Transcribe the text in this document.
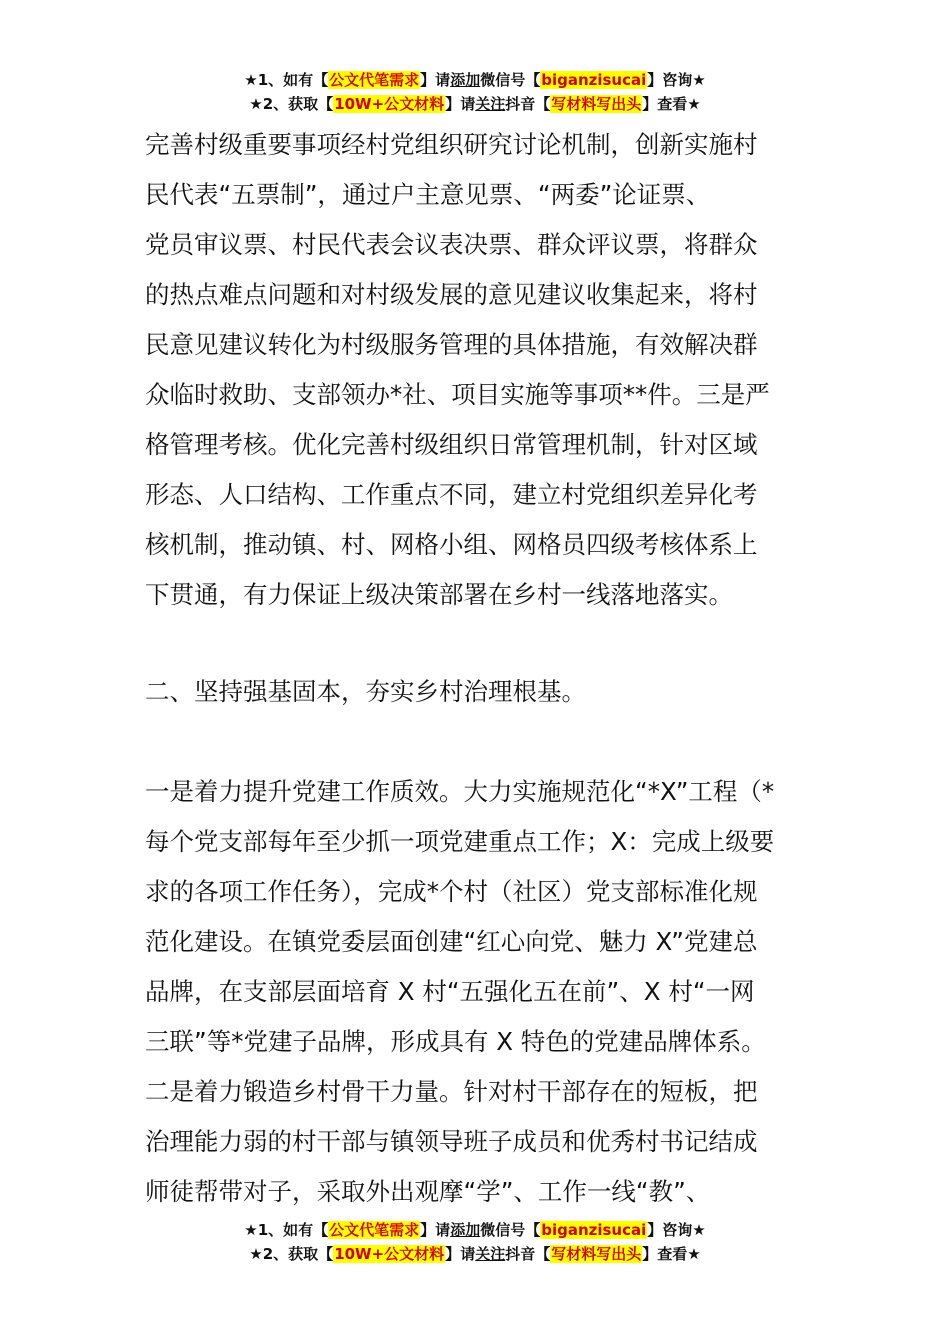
★1、如有【公文代笔需求】请添加微信号【biganzisucai】咨询★
★2、获取【10W+公文材料】请关注抖音【写材料写出头】查看★

完善村级重要事项经村党组织研究讨论机制，创新实施村

民代表“五票制”，通过户主意见票、“两委”论证票、

党员审议票、村民代表会议表决票、群众评议票，将群众

的热点难点问题和对村级发展的意见建议收集起来，将村

民意见建议转化为村级服务管理的具体措施，有效解决群

众临时救助、支部领办*社、项目实施等事项**件。三是严

格管理考核。优化完善村级组织日常管理机制，针对区域

形态、人口结构、工作重点不同，建立村党组织差异化考

核机制，推动镇、村、网格小组、网格员四级考核体系上

下贯通，有力保证上级决策部署在乡村一线落地落实。

二、坚持强基固本，夯实乡村治理根基。

一是着力提升党建工作质效。大力实施规范化“*X”工程（*

每个党支部每年至少抓一项党建重点工作；X：完成上级要

求的各项工作任务），完成*个村（社区）党支部标准化规

范化建设。在镇党委层面创建“红心向党、魅力 X”党建总

品牌，在支部层面培育 X 村“五强化五在前”、X 村“一网

三联”等*党建子品牌，形成具有 X 特色的党建品牌体系。

二是着力锻造乡村骨干力量。针对村干部存在的短板，把

治理能力弱的村干部与镇领导班子成员和优秀村书记结成

师徒帮带对子，采取外出观摩“学”、工作一线“教”、

★1、如有【公文代笔需求】请添加微信号【biganzisucai】咨询★
★2、获取【10W+公文材料】请关注抖音【写材料写出头】查看★
